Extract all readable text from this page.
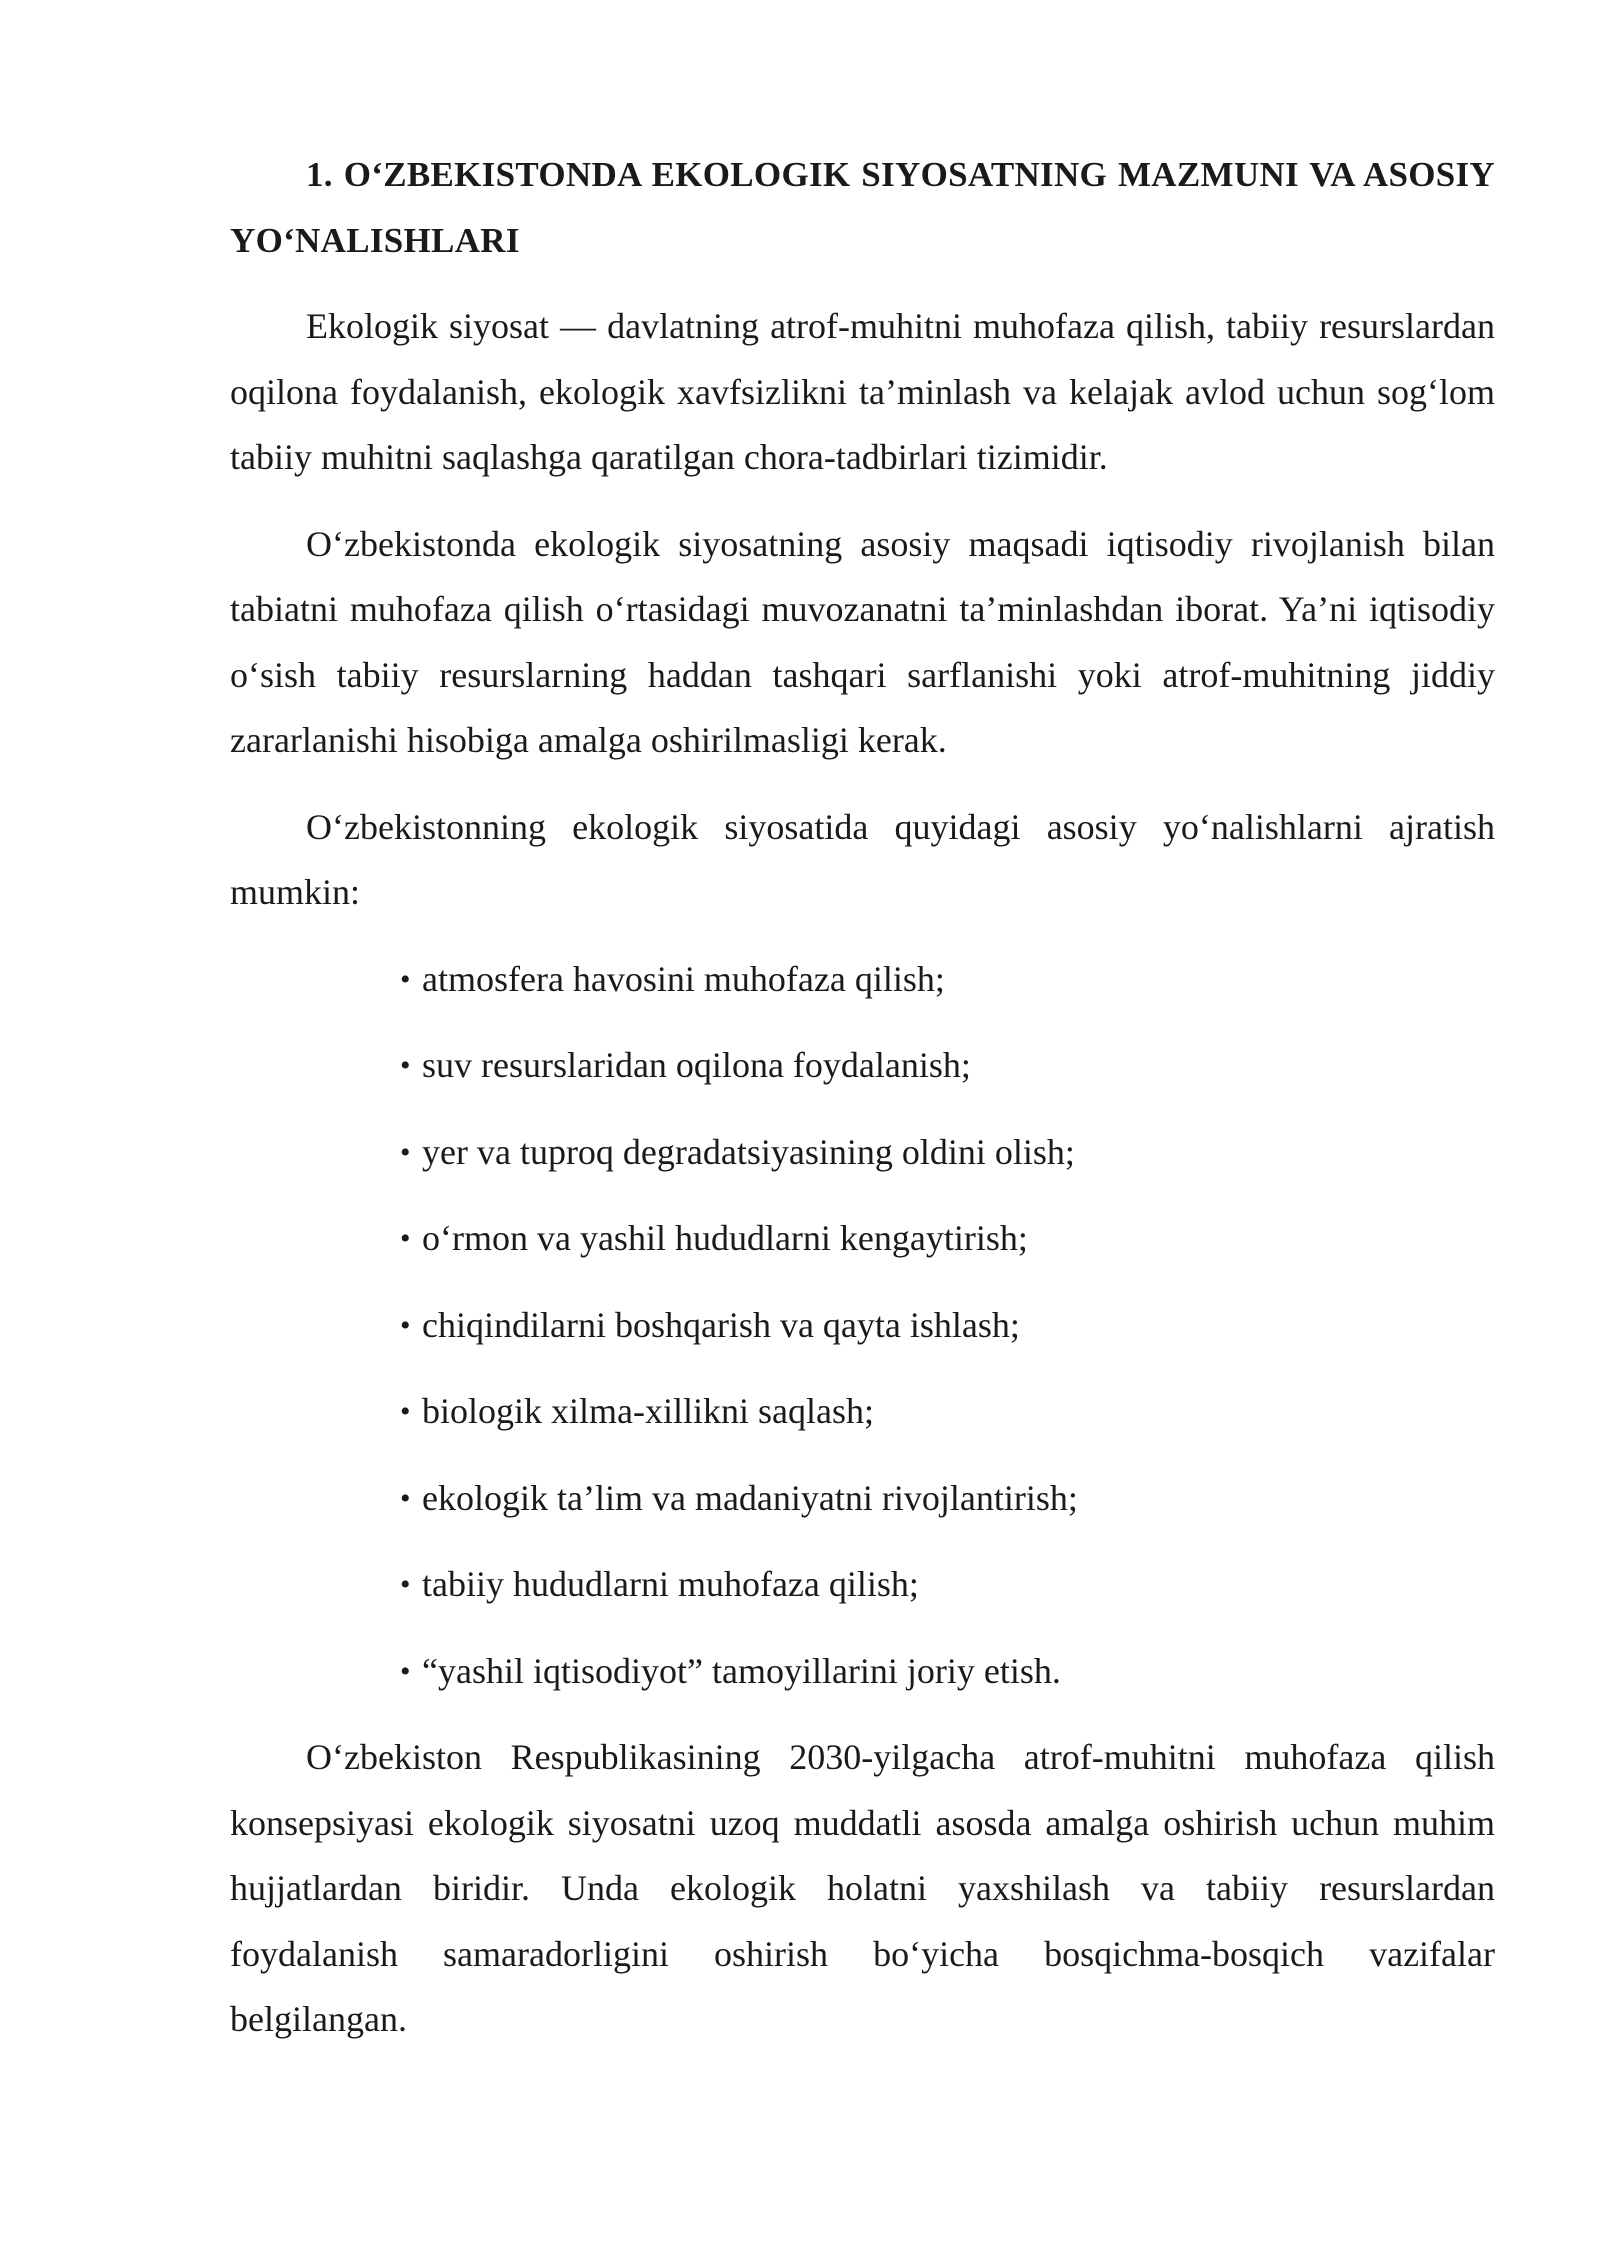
1. O‘ZBEKISTONDA EKOLOGIK SIYOSATNING MAZMUNI VA ASOSIY YO‘NALISHLARI

Ekologik siyosat — davlatning atrof-muhitni muhofaza qilish, tabiiy resurslardan oqilona foydalanish, ekologik xavfsizlikni ta’minlash va kelajak avlod uchun sog‘lom tabiiy muhitni saqlashga qaratilgan chora-tadbirlari tizimidir.

O‘zbekistonda ekologik siyosatning asosiy maqsadi iqtisodiy rivojlanish bilan tabiatni muhofaza qilish o‘rtasidagi muvozanatni ta’minlashdan iborat. Ya’ni iqtisodiy o‘sish tabiiy resurslarning haddan tashqari sarflanishi yoki atrof-muhitning jiddiy zararlanishi hisobiga amalga oshirilmasligi kerak.

O‘zbekistonning ekologik siyosatida quyidagi asosiy yo‘nalishlarni ajratish mumkin:

• atmosfera havosini muhofaza qilish;
• suv resurslaridan oqilona foydalanish;
• yer va tuproq degradatsiyasining oldini olish;
• o‘rmon va yashil hududlarni kengaytirish;
• chiqindilarni boshqarish va qayta ishlash;
• biologik xilma-xillikni saqlash;
• ekologik ta’lim va madaniyatni rivojlantirish;
• tabiiy hududlarni muhofaza qilish;
• “yashil iqtisodiyot” tamoyillarini joriy etish.

O‘zbekiston Respublikasining 2030-yilgacha atrof-muhitni muhofaza qilish konsepsiyasi ekologik siyosatni uzoq muddatli asosda amalga oshirish uchun muhim hujjatlardan biridir. Unda ekologik holatni yaxshilash va tabiiy resurslardan foydalanish samaradorligini oshirish bo‘yicha bosqichma-bosqich vazifalar belgilangan.
